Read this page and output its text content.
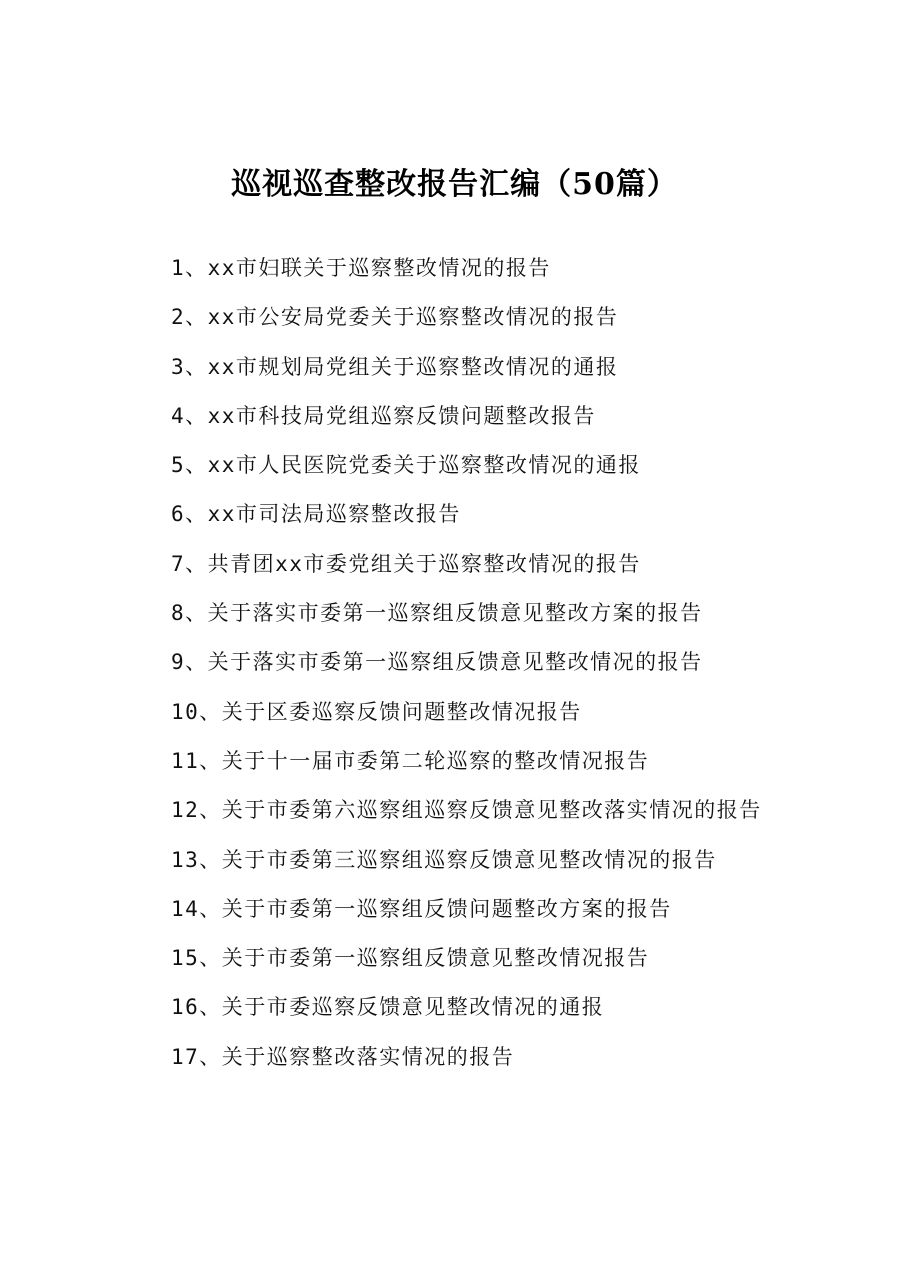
巡视巡查整改报告汇编（50篇）
1、xx市妇联关于巡察整改情况的报告
2、xx市公安局党委关于巡察整改情况的报告
3、xx市规划局党组关于巡察整改情况的通报
4、xx市科技局党组巡察反馈问题整改报告
5、xx市人民医院党委关于巡察整改情况的通报
6、xx市司法局巡察整改报告
7、共青团xx市委党组关于巡察整改情况的报告
8、关于落实市委第一巡察组反馈意见整改方案的报告
9、关于落实市委第一巡察组反馈意见整改情况的报告
10、关于区委巡察反馈问题整改情况报告
11、关于十一届市委第二轮巡察的整改情况报告
12、关于市委第六巡察组巡察反馈意见整改落实情况的报告
13、关于市委第三巡察组巡察反馈意见整改情况的报告
14、关于市委第一巡察组反馈问题整改方案的报告
15、关于市委第一巡察组反馈意见整改情况报告
16、关于市委巡察反馈意见整改情况的通报
17、关于巡察整改落实情况的报告
